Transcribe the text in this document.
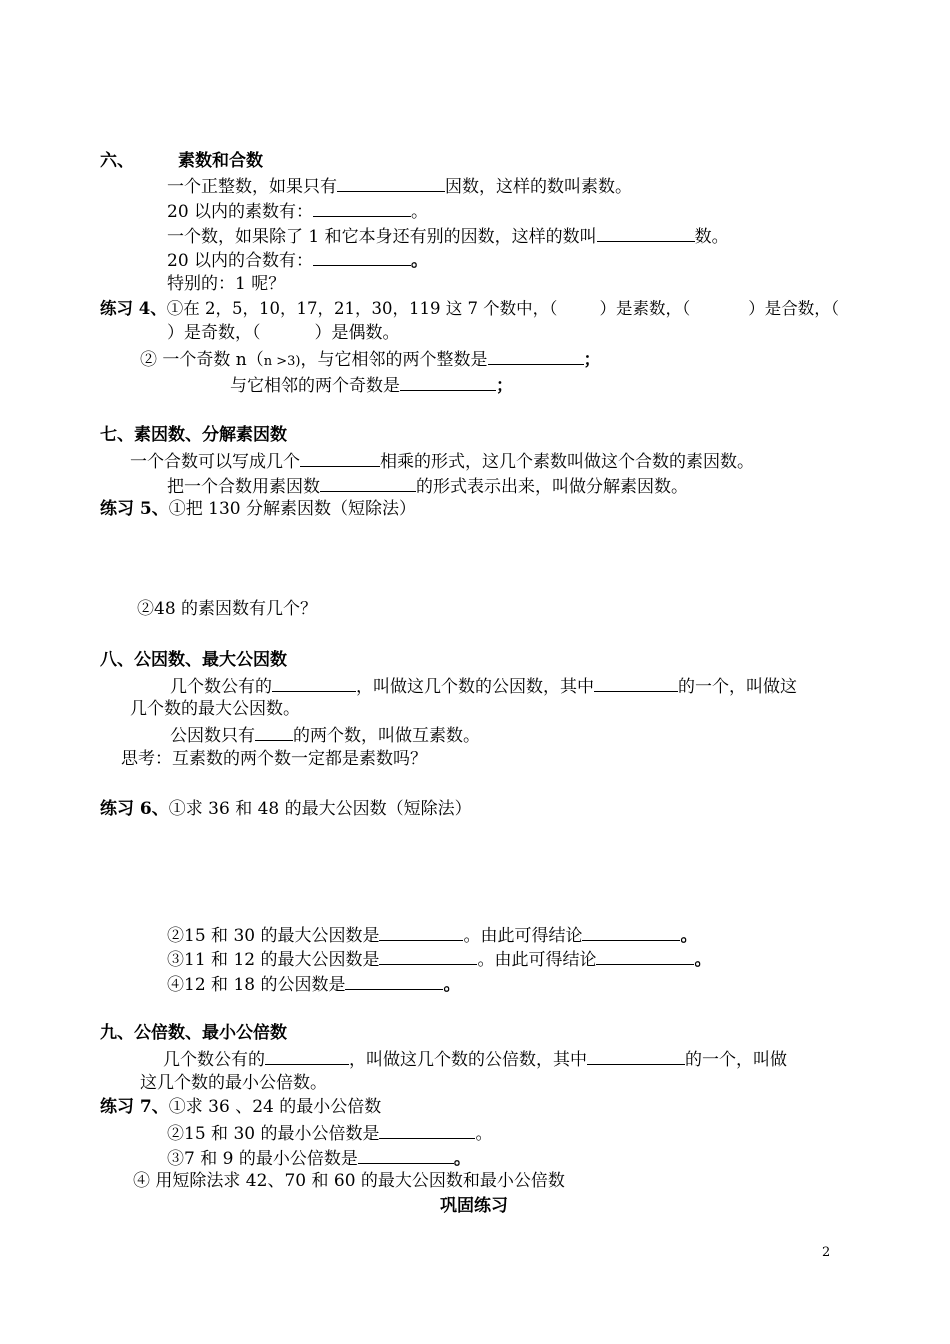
六、	素数和合数
一个正整数，如果只有	因数，这样的数叫素数。
20 以内的素数有：	。
一个数，如果除了 1 和它本身还有别的因数，这样的数叫	数。
20 以内的合数有：	。
特别的：1 呢？
练习 4、①在 2，5，10，17，21，30，119 这 7 个数中，（	）是素数，（	）是合数，（
）是奇数，（	）是偶数。
② 一个奇数 n（n >3)，与它相邻的两个整数是	；
与它相邻的两个奇数是	；
七、素因数、分解素因数
一个合数可以写成几个	相乘的形式，这几个素数叫做这个合数的素因数。
把一个合数用素因数	的形式表示出来，叫做分解素因数。
练习 5、①把 130 分解素因数（短除法）
②48 的素因数有几个？
八、公因数、最大公因数
几个数公有的	，叫做这几个数的公因数，其中	的一个，叫做这
几个数的最大公因数。
公因数只有 的两个数，叫做互素数。
思考：互素数的两个数一定都是素数吗？
练习 6、①求 36 和 48 的最大公因数（短除法）
②15 和 30 的最大公因数是	。由此可得结论	。
③11 和 12 的最大公因数是	。由此可得结论	。
④12 和 18 的公因数是	。
九、公倍数、最小公倍数
几个数公有的	，叫做这几个数的公倍数，其中	的一个，叫做
这几个数的最小公倍数。
练习 7、①求 36 、24 的最小公倍数
②15 和 30 的最小公倍数是	。
③7 和 9 的最小公倍数是	。
④ 用短除法求 42、70 和 60 的最大公因数和最小公倍数
巩固练习
2
